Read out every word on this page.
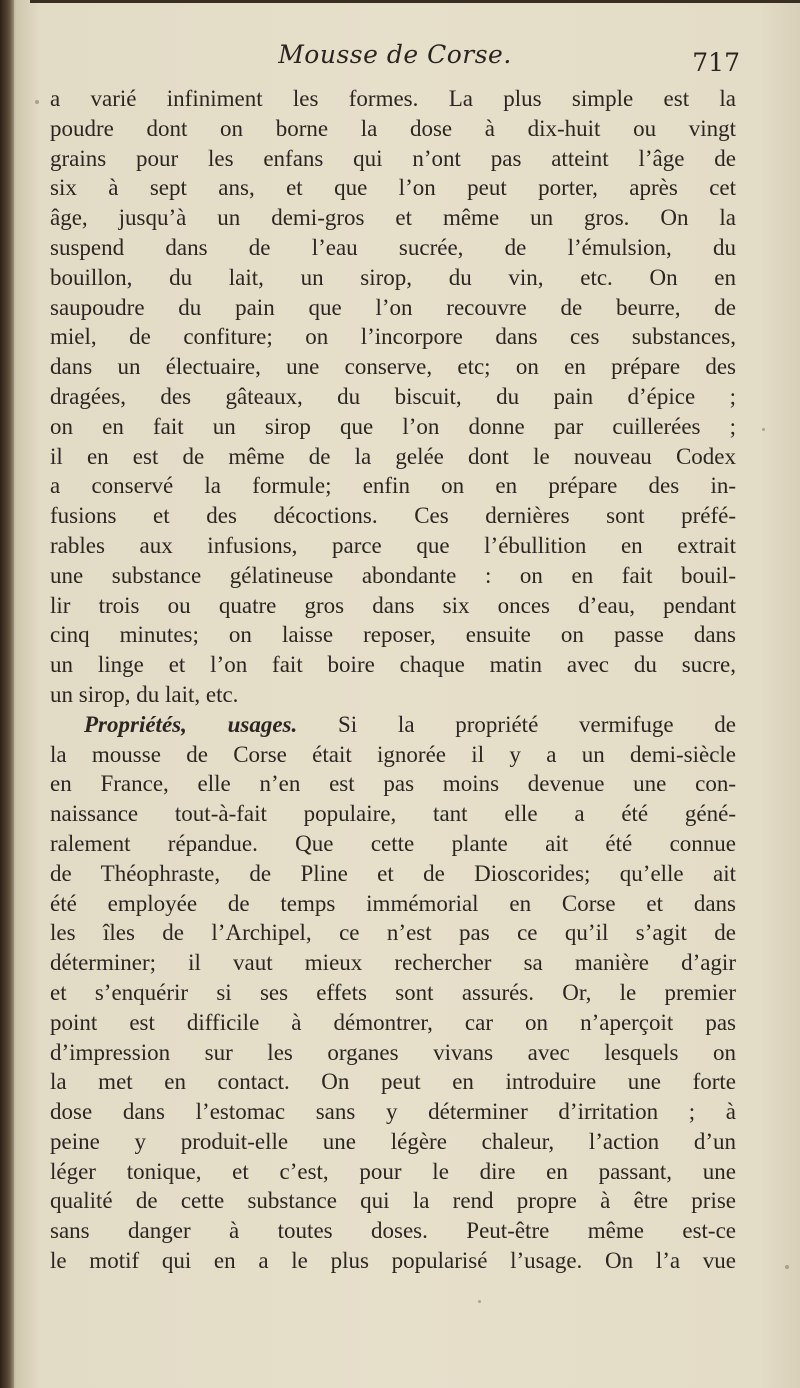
Mousse de Corse.	717
a varié infiniment les formes. La plus simple est la
poudre dont on borne la dose à dix-huit ou vingt
grains pour les enfans qui n’ont pas atteint l’âge de
six à sept ans, et que l’on peut porter, après cet
âge, jusqu’à un demi-gros et même un gros. On la
suspend dans de l’eau sucrée, de l’émulsion, du
bouillon, du lait, un sirop, du vin, etc. On en
saupoudre du pain que l’on recouvre de beurre, de
miel, de confiture; on l’incorpore dans ces substances,
dans un électuaire, une conserve, etc; on en prépare des
dragées, des gâteaux, du biscuit, du pain d’épice ;
on en fait un sirop que l’on donne par cuillerées ;
il en est de même de la gelée dont le nouveau Codex
a conservé la formule; enfin on en prépare des in-
fusions et des décoctions. Ces dernières sont préfé-
rables aux infusions, parce que l’ébullition en extrait
une substance gélatineuse abondante : on en fait bouil-
lir trois ou quatre gros dans six onces d’eau, pendant
cinq minutes; on laisse reposer, ensuite on passe dans
un linge et l’on fait boire chaque matin avec du sucre,
un sirop, du lait, etc.
Propriétés, usages. Si la propriété vermifuge de
la mousse de Corse était ignorée il y a un demi-siècle
en France, elle n’en est pas moins devenue une con-
naissance tout-à-fait populaire, tant elle a été géné-
ralement répandue. Que cette plante ait été connue
de Théophraste, de Pline et de Dioscorides; qu’elle ait
été employée de temps immémorial en Corse et dans
les îles de l’Archipel, ce n’est pas ce qu’il s’agit de
déterminer; il vaut mieux rechercher sa manière d’agir
et s’enquérir si ses effets sont assurés. Or, le premier
point est difficile à démontrer, car on n’aperçoit pas
d’impression sur les organes vivans avec lesquels on
la met en contact. On peut en introduire une forte
dose dans l’estomac sans y déterminer d’irritation ; à
peine y produit-elle une légère chaleur, l’action d’un
léger tonique, et c’est, pour le dire en passant, une
qualité de cette substance qui la rend propre à être prise
sans danger à toutes doses. Peut-être même est-ce
le motif qui en a le plus popularisé l’usage. On l’a vue
